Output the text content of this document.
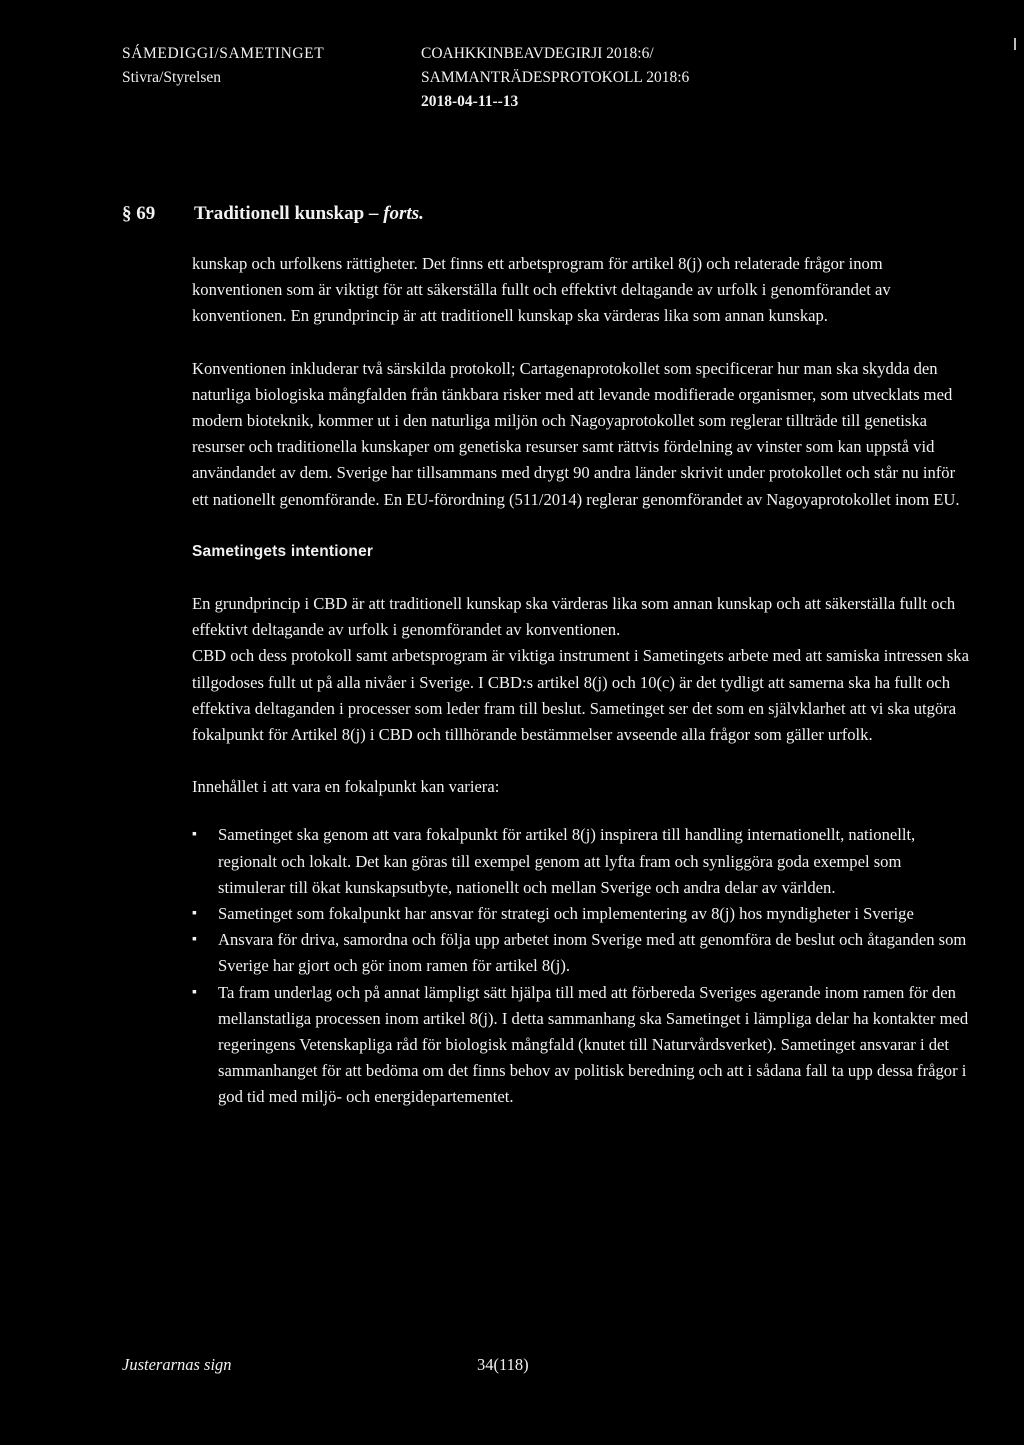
SÁMEDIGGI/SAMETINGET
Stivra/Styrelsen
COAHKKINBEAVDEGIRJI 2018:6/
SAMMANTRÄDESPROTOKOLL 2018:6
2018-04-11--13
§ 69 Traditionell kunskap – forts.

kunskap och urfolkens rättigheter. Det finns ett arbetsprogram för artikel 8(j) och relaterade frågor inom konventionen som är viktigt för att säkerställa fullt och effektivt deltagande av urfolk i genomförandet av konventionen. En grundprincip är att traditionell kunskap ska värderas lika som annan kunskap.

Konventionen inkluderar två särskilda protokoll; Cartagenaprotokollet som specificerar hur man ska skydda den naturliga biologiska mångfalden från tänkbara risker med att levande modifierade organismer, som utvecklats med modern bioteknik, kommer ut i den naturliga miljön och Nagoyaprotokollet som reglerar tillträde till genetiska resurser och traditionella kunskaper om genetiska resurser samt rättvis fördelning av vinster som kan uppstå vid användandet av dem. Sverige har tillsammans med drygt 90 andra länder skrivit under protokollet och står nu inför ett nationellt genomförande. En EU-förordning (511/2014) reglerar genomförandet av Nagoyaprotokollet inom EU.

Sametingets intentioner

En grundprincip i CBD är att traditionell kunskap ska värderas lika som annan kunskap och att säkerställa fullt och effektivt deltagande av urfolk i genomförandet av konventionen.

CBD och dess protokoll samt arbetsprogram är viktiga instrument i Sametingets arbete med att samiska intressen ska tillgodoses fullt ut på alla nivåer i Sverige. I CBD:s artikel 8(j) och 10(c) är det tydligt att samerna ska ha fullt och effektiva deltaganden i processer som leder fram till beslut. Sametinget ser det som en självklarhet att vi ska utgöra fokalpunkt för Artikel 8(j) i CBD och tillhörande bestämmelser avseende alla frågor som gäller urfolk.

Innehållet i att vara en fokalpunkt kan variera:

▪ Sametinget ska genom att vara fokalpunkt för artikel 8(j) inspirera till handling internationellt, nationellt, regionalt och lokalt. Det kan göras till exempel genom att lyfta fram och synliggöra goda exempel som stimulerar till ökat kunskapsutbyte, nationellt och mellan Sverige och andra delar av världen.
▪ Sametinget som fokalpunkt har ansvar för strategi och implementering av 8(j) hos myndigheter i Sverige
▪ Ansvara för driva, samordna och följa upp arbetet inom Sverige med att genomföra de beslut och åtaganden som Sverige har gjort och gör inom ramen för artikel 8(j).
▪ Ta fram underlag och på annat lämpligt sätt hjälpa till med att förbereda Sveriges agerande inom ramen för den mellanstatliga processen inom artikel 8(j). I detta sammanhang ska Sametinget i lämpliga delar ha kontakter med regeringens Vetenskapliga råd för biologisk mångfald (knutet till Naturvårdsverket). Sametinget ansvarar i det sammanhanget för att bedöma om det finns behov av politisk beredning och att i sådana fall ta upp dessa frågor i god tid med miljö- och energidepartementet.
Justerarnas sign	34(118)
